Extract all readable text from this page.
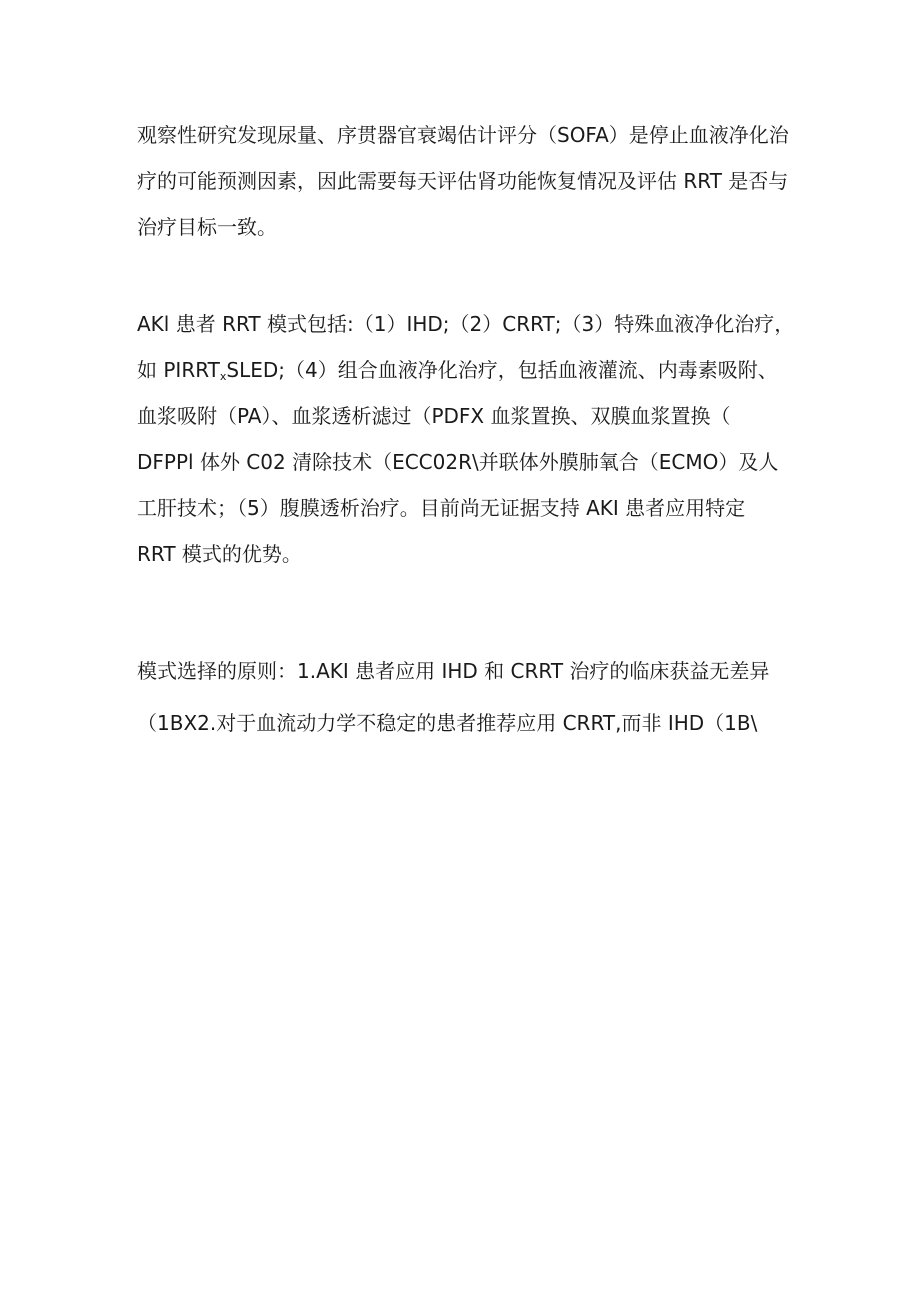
观察性研究发现尿量、序贯器官衰竭估计评分（SOFA）是停止血液净化治
疗的可能预测因素，因此需要每天评估肾功能恢复情况及评估 RRT 是否与
治疗目标一致。
AKl 患者 RRT 模式包括:（1）IHD;（2）CRRT;（3）特殊血液净化治疗，
如 $PIRRT_xSLED;(4)$组合血液净化治疗，包括血液灌流、内毒素吸附、
血浆吸附（PA）、血浆透析滤过（PDFX 血浆置换、双膜血浆置换（
DFPPl 体外 C02 清除技术（ECC02R\并联体外膜肺氧合（ECMO）及人
工肝技术；（5）腹膜透析治疗。目前尚无证据支持 AKI 患者应用特定
RRT 模式的优势。
模式选择的原则：1.AKI 患者应用 IHD 和 CRRT 治疗的临床获益无差异
（1BX2.对于血流动力学不稳定的患者推荐应用 CRRT,而非 IHD（1B\
